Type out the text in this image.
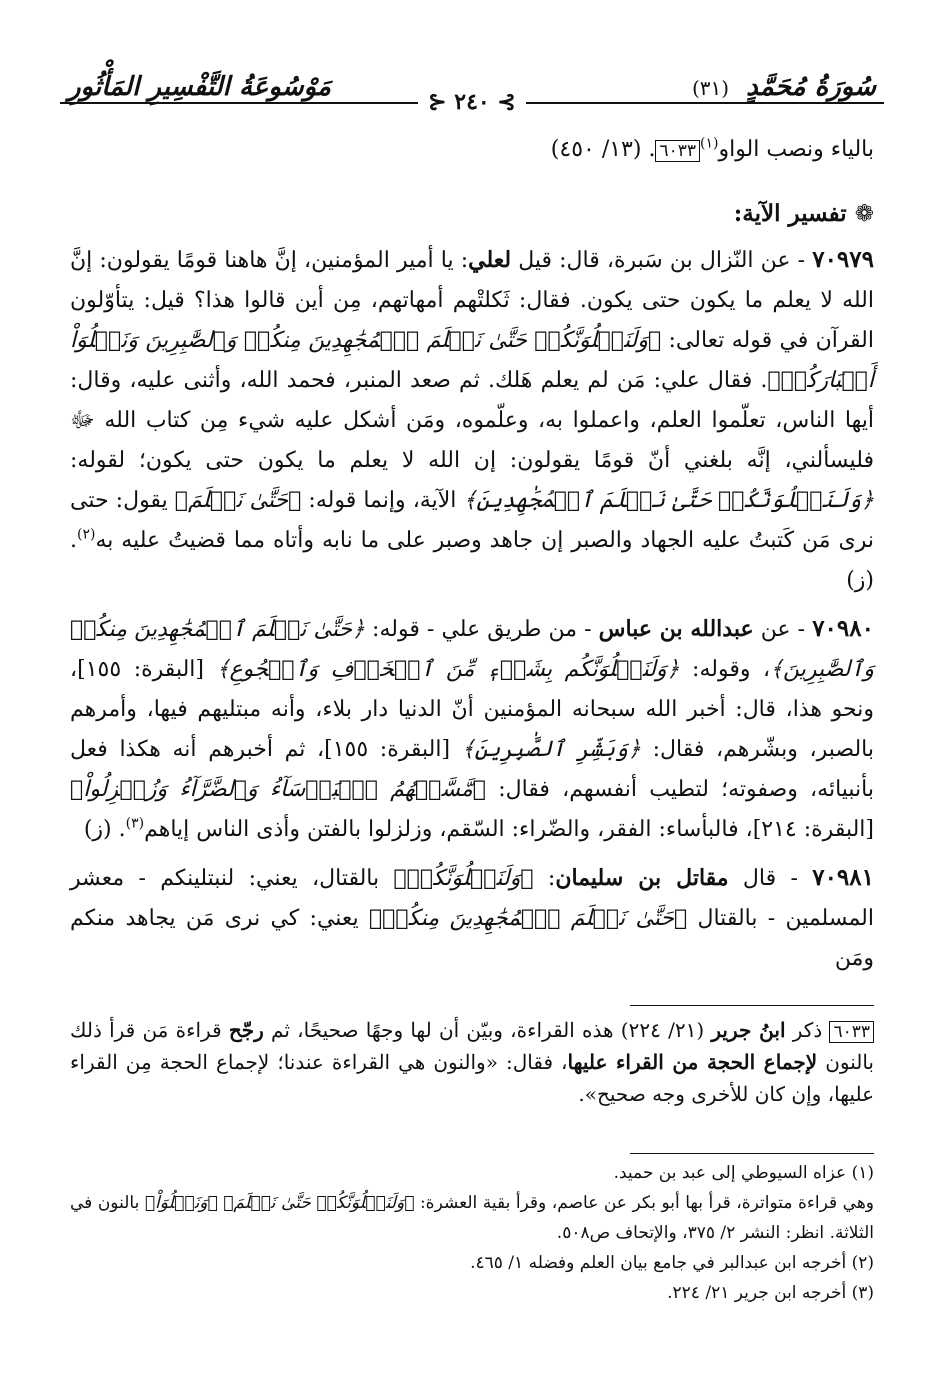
سُورَةُ مُحَمَّدٍ (٣١)
مَوْسُوعَةُ التَّفْسِيرِ المَأْثُورِ	⊱ ٢٤٠ ⊰

بالياء ونصب الواو$^{(١)}$٦٠٣٣. (١٣/ ٤٥٠)

❁تفسير الآية:

٧٠٩٧٩ - عن النّزال بن سَبرة، قال: قيل لعلي: يا أمير المؤمنين، إنَّ هاهنا قومًا يقولون: إنَّ الله لا يعلم ما يكون حتى يكون. فقال: ثَكلتْهم أمهاتهم، مِن أين قالوا هذا؟ قيل: يتأوّلون القرآن في قوله تعالى: ﴿وَلَنَبۡلُوَنَّكُمۡ حَتَّىٰ نَعۡلَمَ ٱلۡمُجَٰهِدِينَ مِنكُمۡ وَٱلصَّٰبِرِينَ وَنَبۡلُوَاْ أَخۡبَارَكُمۡ﴾. فقال علي: مَن لم يعلم هَلك. ثم صعد المنبر، فحمد الله، وأثنى عليه، وقال: أيها الناس، تعلّموا العلم، واعملوا به، وعلّموه، ومَن أشكل عليه شيء مِن كتاب الله ﷻ فليسألني، إنَّه بلغني أنّ قومًا يقولون: إن الله لا يعلم ما يكون حتى يكون؛ لقوله: ﴿وَلَنَبۡلُوَنَّكُمۡ حَتَّىٰ نَعۡلَمَ ٱلۡمُجَٰهِدِينَ﴾ الآية، وإنما قوله: ﴿حَتَّىٰ نَعۡلَمَ﴾ يقول: حتى نرى مَن كَتبتُ عليه الجهاد والصبر إن جاهد وصبر على ما نابه وأتاه مما قضيتُ عليه به$^{(٢)}$. (ز)

٧٠٩٨٠ - عن عبدالله بن عباس - من طريق علي - قوله: ﴿حَتَّىٰ نَعۡلَمَ ٱلۡمُجَٰهِدِينَ مِنكُمۡ وَٱلصَّٰبِرِينَ﴾، وقوله: ﴿وَلَنَبۡلُوَنَّكُم بِشَيۡءٖ مِّنَ ٱلۡخَوۡفِ وَٱلۡجُوعِ﴾ [البقرة: ١٥٥]، ونحو هذا، قال: أخبر الله سبحانه المؤمنين أنّ الدنيا دار بلاء، وأنه مبتليهم فيها، وأمرهم بالصبر، وبشّرهم، فقال: ﴿وَبَشِّرِ ٱلصَّٰبِرِينَ﴾ [البقرة: ١٥٥]، ثم أخبرهم أنه هكذا فعل بأنبيائه، وصفوته؛ لتطيب أنفسهم، فقال: ﴿مَّسَّتۡهُمُ ٱلۡبَأۡسَآءُ وَٱلضَّرَّآءُ وَزُلۡزِلُواْ﴾ [البقرة: ٢١٤]، فالبأساء: الفقر، والضّراء: السّقم، وزلزلوا بالفتن وأذى الناس إياهم$^{(٣)}$. (ز)

٧٠٩٨١ - قال مقاتل بن سليمان: ﴿وَلَنَبۡلُوَنَّكُمۡ﴾ بالقتال، يعني: لنبتلينكم - معشر المسلمين - بالقتال ﴿حَتَّىٰ نَعۡلَمَ ٱلۡمُجَٰهِدِينَ مِنكُمۡ﴾ يعني: كي نرى مَن يجاهد منكم ومَن

٦٠٣٣ ذكر ابنُ جرير (٢١/ ٢٢٤) هذه القراءة، وبيّن أن لها وجهًا صحيحًا، ثم رجّح قراءة مَن قرأ ذلك بالنون لإجماع الحجة من القراء عليها، فقال: «والنون هي القراءة عندنا؛ لإجماع الحجة مِن القراء عليها، وإن كان للأخرى وجه صحيح».

(١) عزاه السيوطي إلى عبد بن حميد.

وهي قراءة متواترة، قرأ بها أبو بكر عن عاصم، وقرأ بقية العشرة: ﴿وَلَنَبۡلُوَنَّكُمۡ حَتَّىٰ نَعۡلَمَ﴾ ﴿وَنَبۡلُوَاْ﴾ بالنون في الثلاثة. انظر: النشر ٢/ ٣٧٥، والإتحاف ص٥٠٨.

(٢) أخرجه ابن عبدالبر في جامع بيان العلم وفضله ١/ ٤٦٥.

(٣) أخرجه ابن جرير ٢١/ ٢٢٤.
